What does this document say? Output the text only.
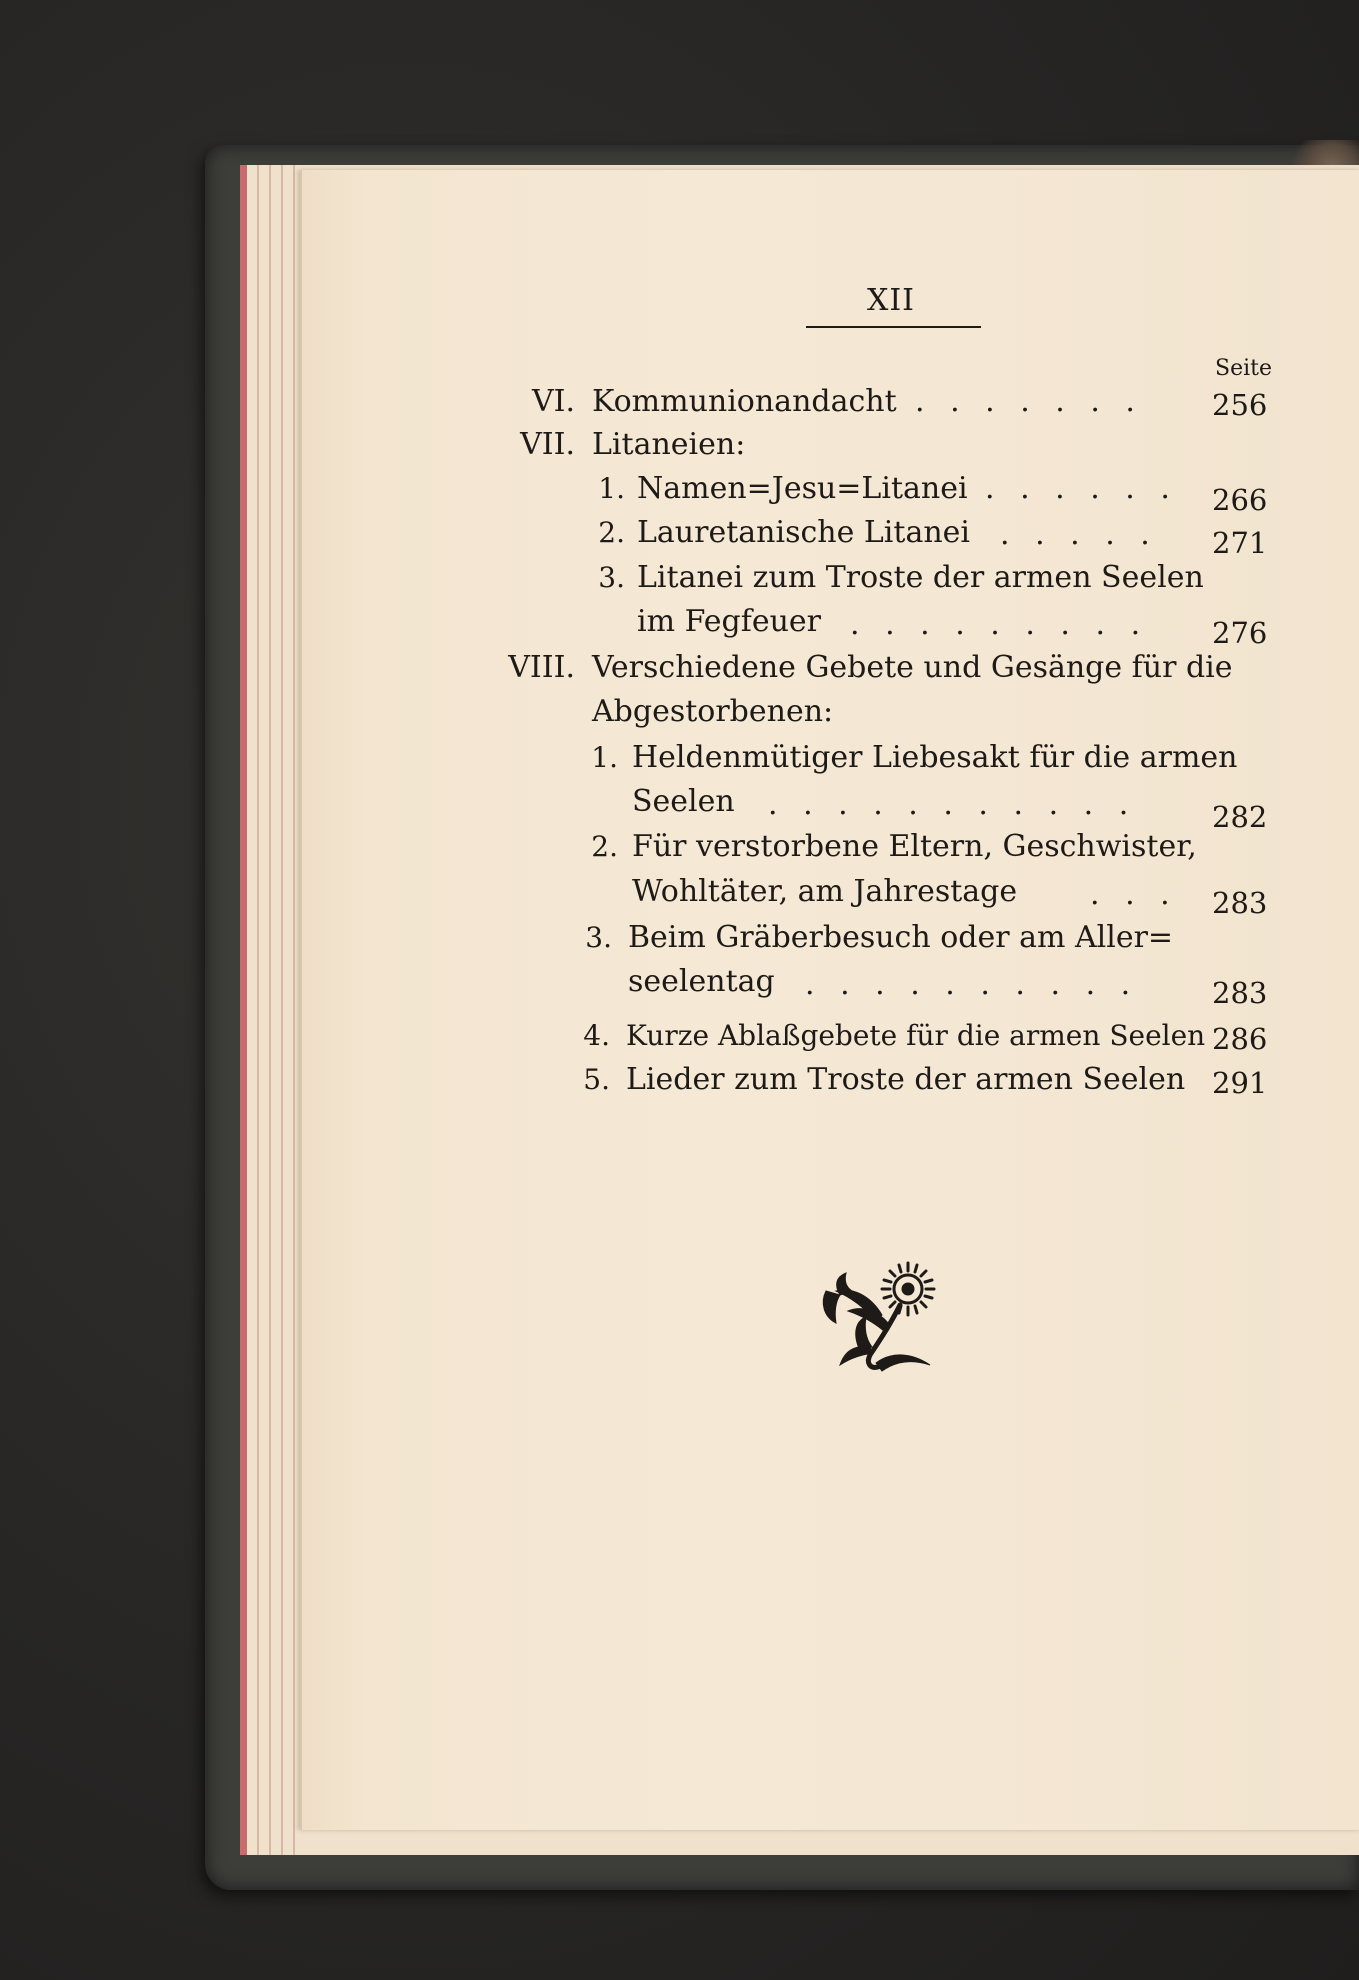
XII
Seite
VI. Kommunionandacht . . . . . . . 256
VII. Litaneien:
1. Namen=Jesu=Litanei . . . . . . 266
2. Lauretanische Litanei . . . . . 271
3. Litanei zum Troste der armen Seelen
im Fegfeuer . . . . . . . . . 276
VIII. Verschiedene Gebete und Gesänge für die
Abgestorbenen:
1. Heldenmütiger Liebesakt für die armen
Seelen . . . . . . . . . . .	282
2. Für verstorbene Eltern, Geschwister,
Wohltäter, am Jahrestage . . . 283
3. Beim Gräberbesuch oder am Aller=
seelentag . . . . . . . . . .	283
4. Kurze Ablaßgebete für die armen Seelen 286
5. Lieder zum Troste der armen Seelen 291
